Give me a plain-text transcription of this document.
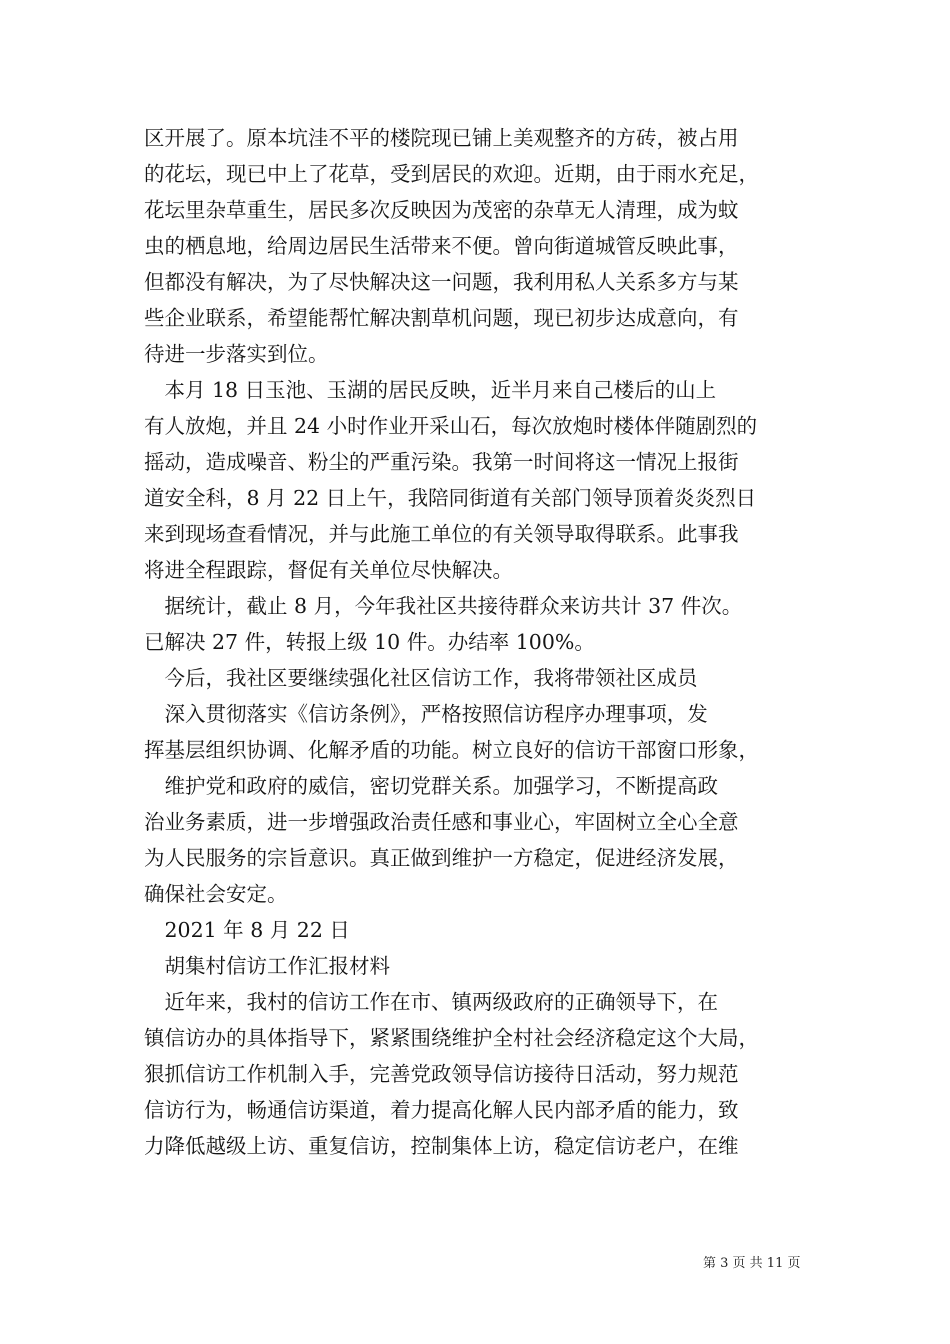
区开展了。原本坑洼不平的楼院现已铺上美观整齐的方砖，被占用
的花坛，现已中上了花草，受到居民的欢迎。近期，由于雨水充足，
花坛里杂草重生，居民多次反映因为茂密的杂草无人清理，成为蚊
虫的栖息地，给周边居民生活带来不便。曾向街道城管反映此事，
但都没有解决，为了尽快解决这一问题，我利用私人关系多方与某
些企业联系，希望能帮忙解决割草机问题，现已初步达成意向，有
待进一步落实到位。
　本月 18 日玉池、玉湖的居民反映，近半月来自己楼后的山上
有人放炮，并且 24 小时作业开采山石，每次放炮时楼体伴随剧烈的
摇动，造成噪音、粉尘的严重污染。我第一时间将这一情况上报街
道安全科，8 月 22 日上午，我陪同街道有关部门领导顶着炎炎烈日
来到现场查看情况，并与此施工单位的有关领导取得联系。此事我
将进全程跟踪，督促有关单位尽快解决。
　据统计，截止 8 月，今年我社区共接待群众来访共计 37 件次。
已解决 27 件，转报上级 10 件。办结率 100%。
　今后，我社区要继续强化社区信访工作，我将带领社区成员
　深入贯彻落实《信访条例》，严格按照信访程序办理事项，发
挥基层组织协调、化解矛盾的功能。树立良好的信访干部窗口形象，
　维护党和政府的威信，密切党群关系。加强学习，不断提高政
治业务素质，进一步增强政治责任感和事业心，牢固树立全心全意
为人民服务的宗旨意识。真正做到维护一方稳定，促进经济发展，
确保社会安定。
　2021 年 8 月 22 日
　胡集村信访工作汇报材料
　近年来，我村的信访工作在市、镇两级政府的正确领导下，在
镇信访办的具体指导下，紧紧围绕维护全村社会经济稳定这个大局，
狠抓信访工作机制入手，完善党政领导信访接待日活动，努力规范
信访行为，畅通信访渠道，着力提高化解人民内部矛盾的能力，致
力降低越级上访、重复信访，控制集体上访，稳定信访老户，在维
第 3 页 共 11 页
